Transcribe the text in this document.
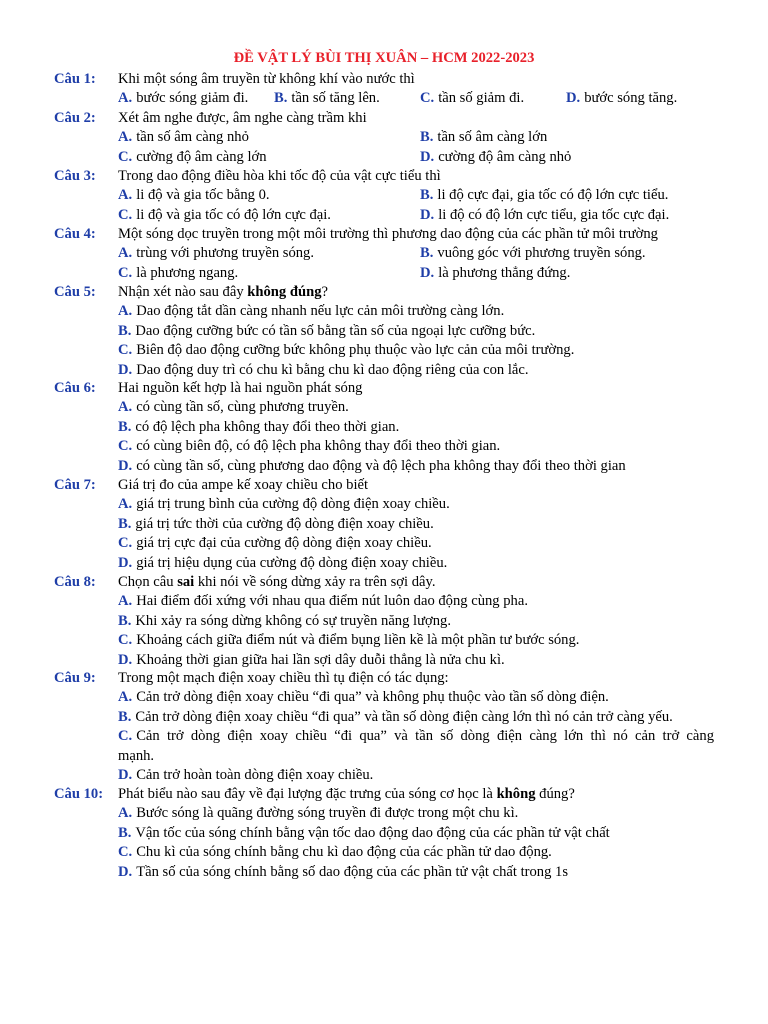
ĐỀ VẬT LÝ BÙI THỊ XUÂN – HCM 2022-2023
Câu 1:	Khi một sóng âm truyền từ không khí vào nước thì
A. bước sóng giảm đi. B. tần số tăng lên.	C. tần số giảm đi.	D. bước sóng tăng.
Câu 2:	Xét âm nghe được, âm nghe càng trầm khi
A. tần số âm càng nhỏ	B. tần số âm càng lớn
C. cường độ âm càng lớn	D. cường độ âm càng nhỏ
Câu 3:	Trong dao động điều hòa khi tốc độ của vật cực tiểu thì
A. li độ và gia tốc bằng 0.	B. li độ cực đại, gia tốc có độ lớn cực tiểu.
C. li độ và gia tốc có độ lớn cực đại.	D. li độ có độ lớn cực tiểu, gia tốc cực đại.
Câu 4:	Một sóng dọc truyền trong một môi trường thì phương dao động của các phần tử môi trường
A. trùng với phương truyền sóng.	B. vuông góc với phương truyền sóng.
C. là phương ngang.	D. là phương thẳng đứng.
Câu 5:	Nhận xét nào sau đây không đúng?
A. Dao động tắt dần càng nhanh nếu lực cản môi trường càng lớn.
B. Dao động cưỡng bức có tần số bằng tần số của ngoại lực cưỡng bức.
C. Biên độ dao động cưỡng bức không phụ thuộc vào lực cản của môi trường.
D. Dao động duy trì có chu kì bằng chu kì dao động riêng của con lắc.
Câu 6:	Hai nguồn kết hợp là hai nguồn phát sóng
A. có cùng tần số, cùng phương truyền.
B. có độ lệch pha không thay đổi theo thời gian.
C. có cùng biên độ, có độ lệch pha không thay đổi theo thời gian.
D. có cùng tần số, cùng phương dao động và độ lệch pha không thay đổi theo thời gian
Câu 7:	Giá trị đo của ampe kế xoay chiều cho biết
A. giá trị trung bình của cường độ dòng điện xoay chiều.
B. giá trị tức thời của cường độ dòng điện xoay chiều.
C. giá trị cực đại của cường độ dòng điện xoay chiều.
D. giá trị hiệu dụng của cường độ dòng điện xoay chiều.
Câu 8:	Chọn câu sai khi nói về sóng dừng xảy ra trên sợi dây.
A. Hai điểm đối xứng với nhau qua điểm nút luôn dao động cùng pha.
B. Khi xảy ra sóng dừng không có sự truyền năng lượng.
C. Khoảng cách giữa điểm nút và điểm bụng liền kề là một phần tư bước sóng.
D. Khoảng thời gian giữa hai lần sợi dây duỗi thẳng là nửa chu kì.
Câu 9:	Trong một mạch điện xoay chiều thì tụ điện có tác dụng:
A. Cản trở dòng điện xoay chiều “đi qua” và không phụ thuộc vào tần số dòng điện.
B. Cản trở dòng điện xoay chiều “đi qua” và tần số dòng điện càng lớn thì nó cản trở càng yếu.
C. Cản trở dòng điện xoay chiều “đi qua” và tần số dòng điện càng lớn thì nó cản trở càng
mạnh.
D. Cản trở hoàn toàn dòng điện xoay chiều.
Câu 10:	Phát biểu nào sau đây về đại lượng đặc trưng của sóng cơ học là không đúng?
A. Bước sóng là quãng đường sóng truyền đi được trong một chu kì.
B. Vận tốc của sóng chính bằng vận tốc dao động dao động của các phần tử vật chất
C. Chu kì của sóng chính bằng chu kì dao động của các phần tử dao động.
D. Tần số của sóng chính bằng số dao động của các phần tử vật chất trong 1s
